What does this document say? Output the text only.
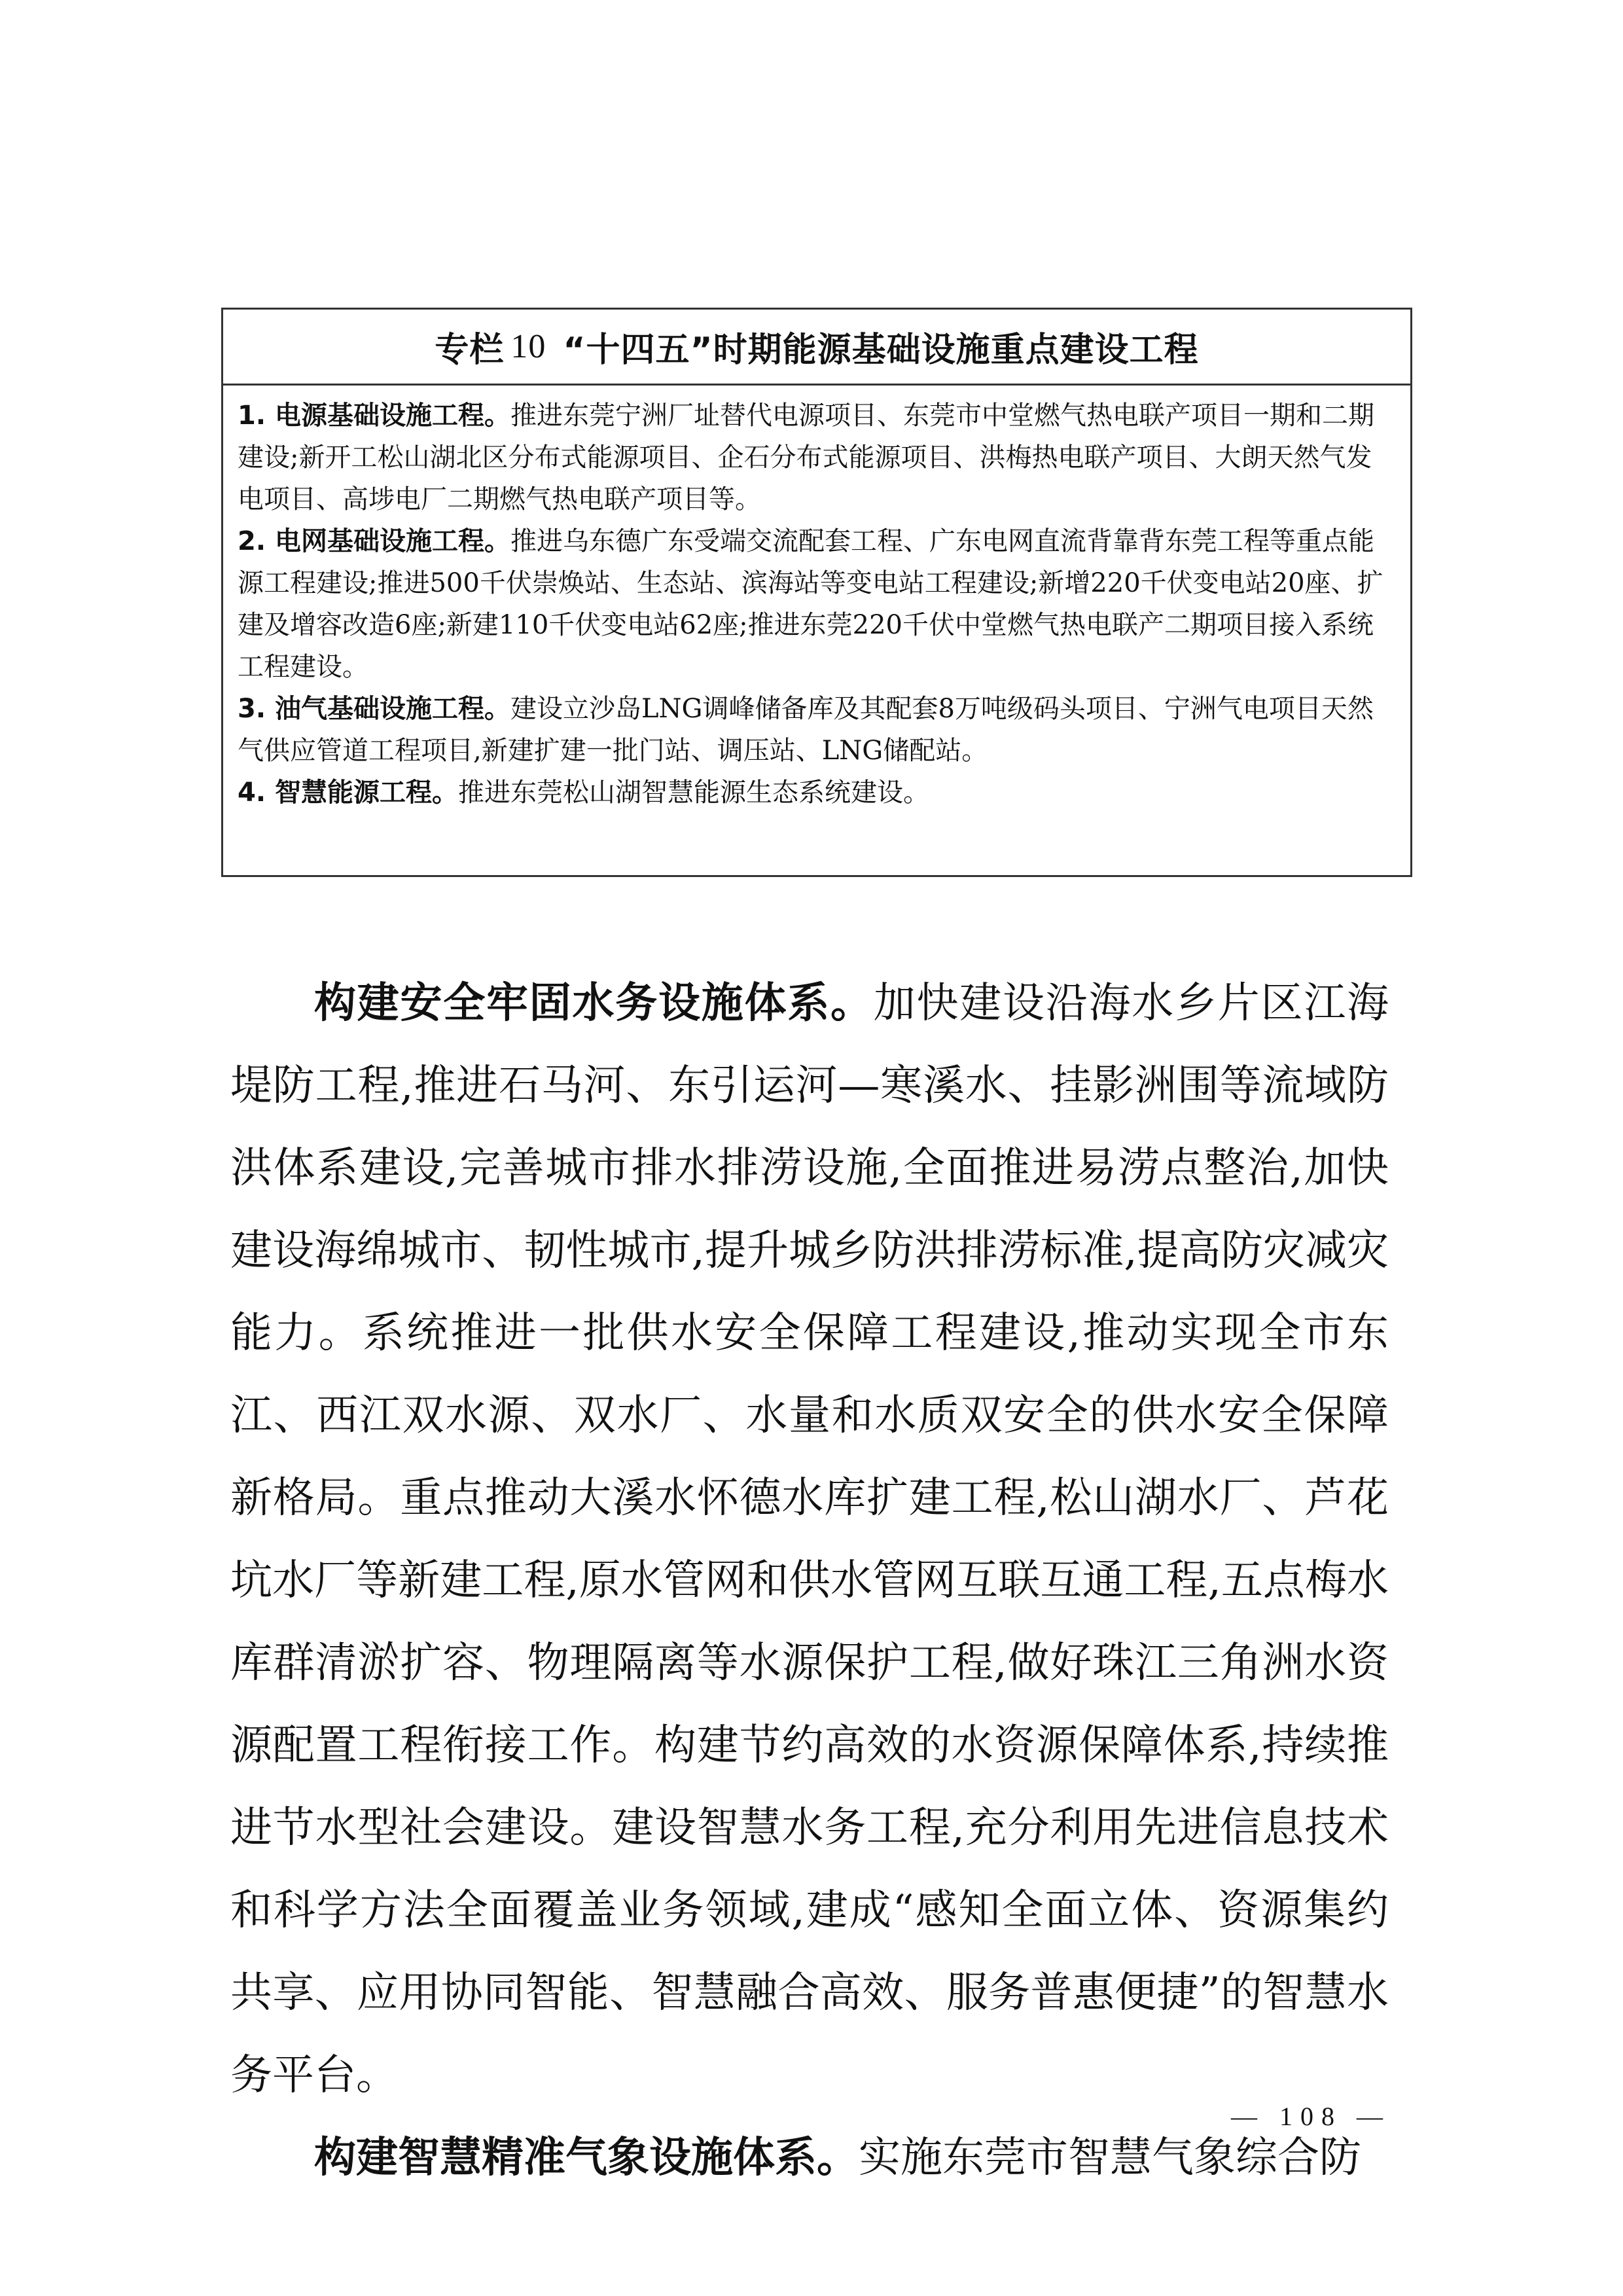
专栏 10 “十四五”时期能源基础设施重点建设工程
1. 电源基础设施工程。推进东莞宁洲厂址替代电源项目、东莞市中堂燃气热电联产项目一期和二期建设;新开工松山湖北区分布式能源项目、企石分布式能源项目、洪梅热电联产项目、大朗天然气发电项目、高埗电厂二期燃气热电联产项目等。
2. 电网基础设施工程。推进乌东德广东受端交流配套工程、广东电网直流背靠背东莞工程等重点能源工程建设;推进500千伏崇焕站、生态站、滨海站等变电站工程建设;新增220千伏变电站20座、扩建及增容改造6座;新建110千伏变电站62座;推进东莞220千伏中堂燃气热电联产二期项目接入系统工程建设。
3. 油气基础设施工程。建设立沙岛LNG调峰储备库及其配套8万吨级码头项目、宁洲气电项目天然气供应管道工程项目,新建扩建一批门站、调压站、LNG储配站。
4. 智慧能源工程。推进东莞松山湖智慧能源生态系统建设。

构建安全牢固水务设施体系。加快建设沿海水乡片区江海堤防工程,推进石马河、东引运河—寒溪水、挂影洲围等流域防洪体系建设,完善城市排水排涝设施,全面推进易涝点整治,加快建设海绵城市、韧性城市,提升城乡防洪排涝标准,提高防灾减灾能力。系统推进一批供水安全保障工程建设,推动实现全市东江、西江双水源、双水厂、水量和水质双安全的供水安全保障新格局。重点推动大溪水怀德水库扩建工程,松山湖水厂、芦花坑水厂等新建工程,原水管网和供水管网互联互通工程,五点梅水库群清淤扩容、物理隔离等水源保护工程,做好珠江三角洲水资源配置工程衔接工作。构建节约高效的水资源保障体系,持续推进节水型社会建设。建设智慧水务工程,充分利用先进信息技术和科学方法全面覆盖业务领域,建成“感知全面立体、资源集约共享、应用协同智能、智慧融合高效、服务普惠便捷”的智慧水务平台。

构建智慧精准气象设施体系。实施东莞市智慧气象综合防

— 108 —
